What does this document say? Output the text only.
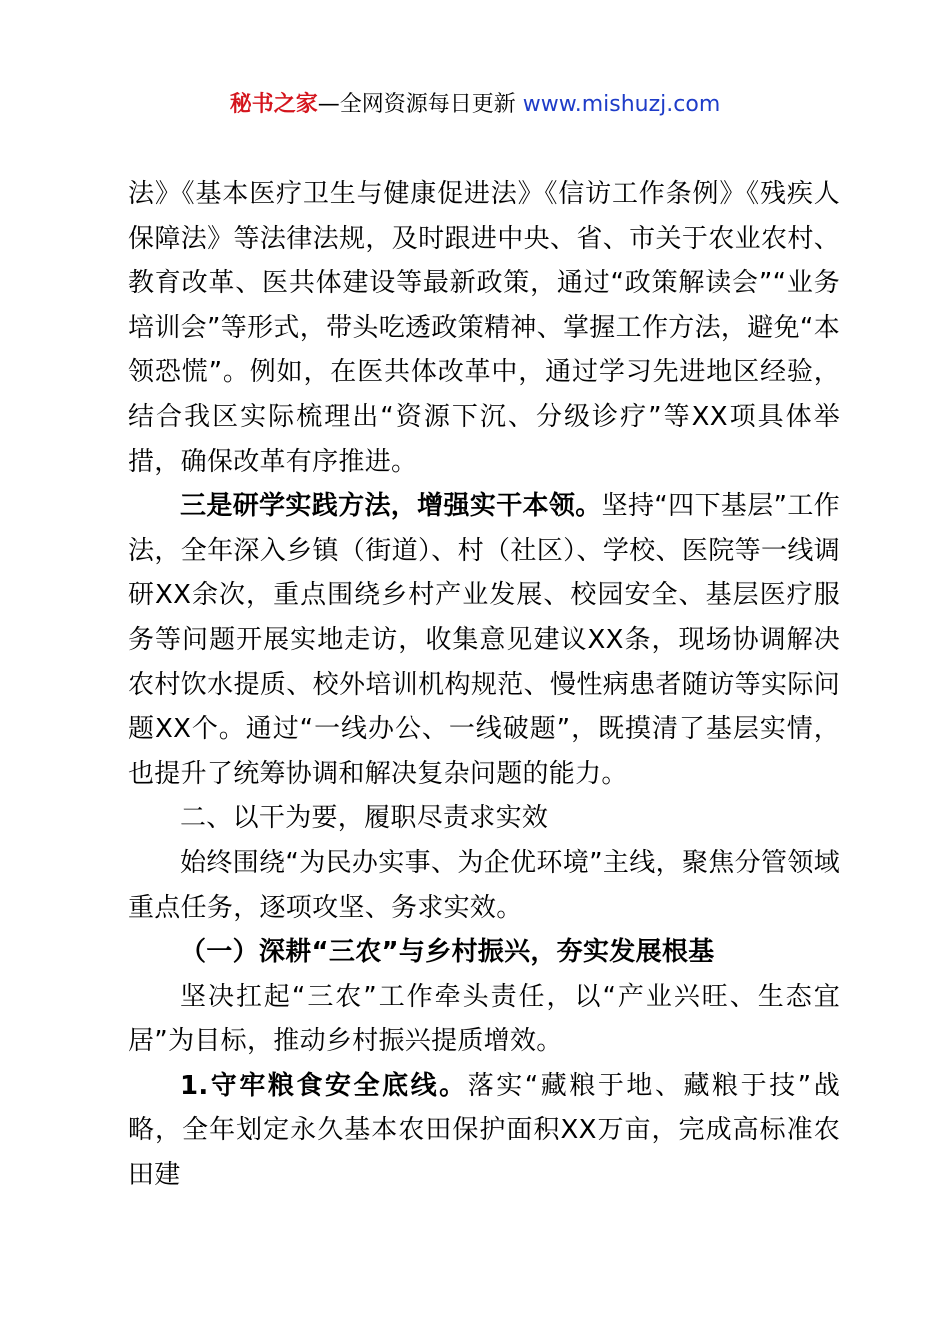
秘书之家—全网资源每日更新 www.mishuzj.com

法》《基本医疗卫生与健康促进法》《信访工作条例》《残疾人保障法》等法律法规，及时跟进中央、省、市关于农业农村、教育改革、医共体建设等最新政策，通过“政策解读会”“业务培训会”等形式，带头吃透政策精神、掌握工作方法，避免“本领恐慌”。例如，在医共体改革中，通过学习先进地区经验，结合我区实际梳理出“资源下沉、分级诊疗”等XX项具体举措，确保改革有序推进。

三是研学实践方法，增强实干本领。坚持“四下基层”工作法，全年深入乡镇（街道）、村（社区）、学校、医院等一线调研XX余次，重点围绕乡村产业发展、校园安全、基层医疗服务等问题开展实地走访，收集意见建议XX条，现场协调解决农村饮水提质、校外培训机构规范、慢性病患者随访等实际问题XX个。通过“一线办公、一线破题”，既摸清了基层实情，也提升了统筹协调和解决复杂问题的能力。

二、以干为要，履职尽责求实效

始终围绕“为民办实事、为企优环境”主线，聚焦分管领域重点任务，逐项攻坚、务求实效。

（一）深耕“三农”与乡村振兴，夯实发展根基

坚决扛起“三农”工作牵头责任，以“产业兴旺、生态宜居”为目标，推动乡村振兴提质增效。

1.守牢粮食安全底线。落实“藏粮于地、藏粮于技”战略，全年划定永久基本农田保护面积XX万亩，完成高标准农田建
